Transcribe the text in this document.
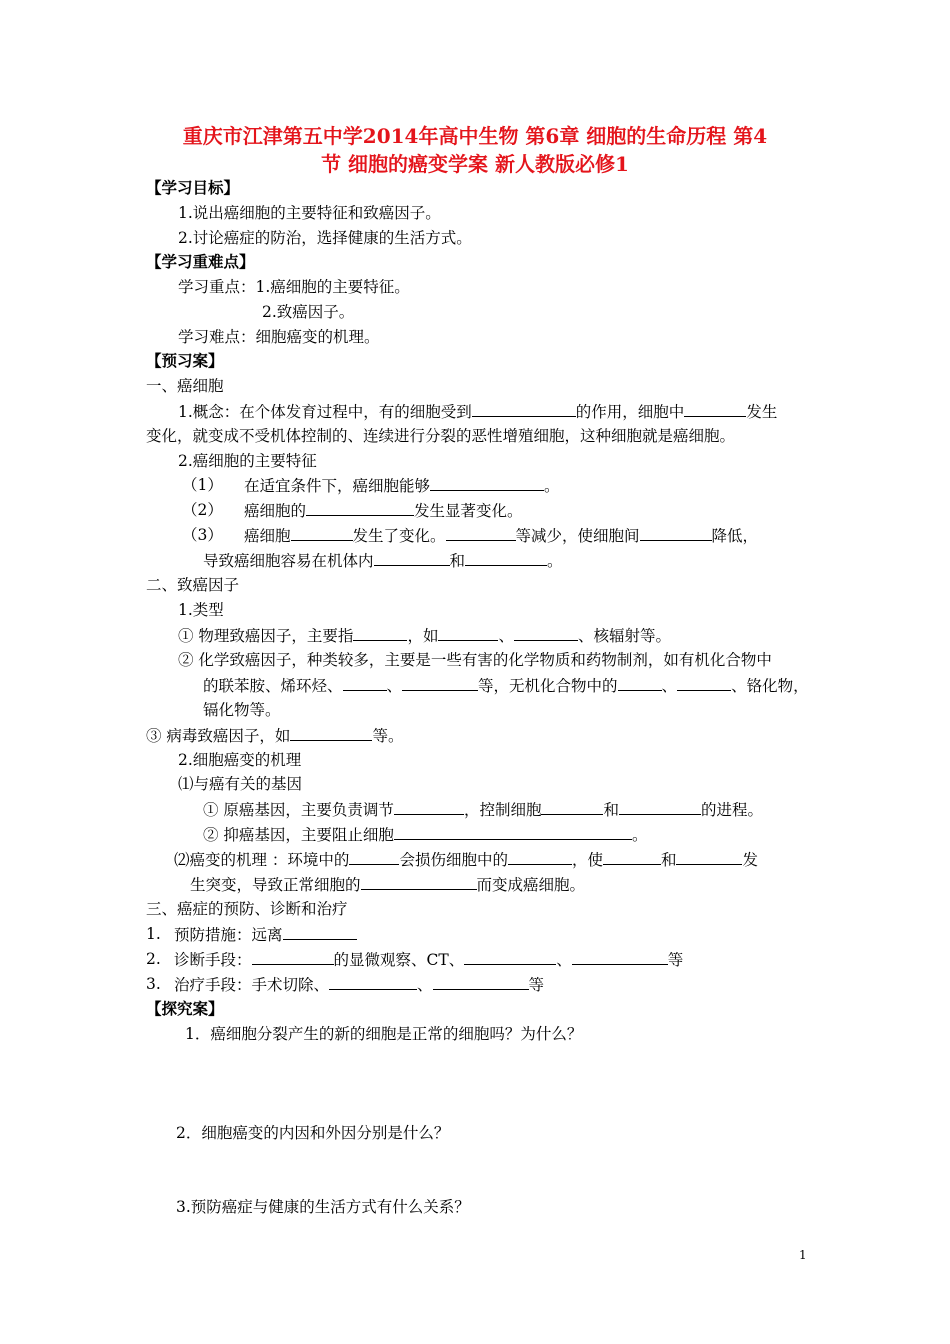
重庆市江津第五中学2014年高中生物 第6章 细胞的生命历程 第4
节 细胞的癌变学案 新人教版必修1
【学习目标】
1.说出癌细胞的主要特征和致癌因子。
2.讨论癌症的防治，选择健康的生活方式。
【学习重难点】
学习重点：1.癌细胞的主要特征。
2.致癌因子。
学习难点：细胞癌变的机理。
【预习案】
一、癌细胞
1.概念：在个体发育过程中，有的细胞受到	的作用，细胞中	发生
变化，就变成不受机体控制的、连续进行分裂的恶性增殖细胞，这种细胞就是癌细胞。
2.癌细胞的主要特征
（1） 在适宜条件下，癌细胞能够	。
（2） 癌细胞的	发生显著变化。
（3） 癌细胞	发生了变化。	等减少，使细胞间	降低，
导致癌细胞容易在机体内	和	。
二、致癌因子
1.类型
① 物理致癌因子，主要指	，如	、	、核辐射等。
② 化学致癌因子，种类较多，主要是一些有害的化学物质和药物制剂，如有机化合物中
的联苯胺、烯环烃、	、	等，无机化合物中的	、	、铬化物，
镉化物等。
③ 病毒致癌因子，如	等。
2.细胞癌变的机理
⑴与癌有关的基因
① 原癌基因，主要负责调节	，控制细胞	和	的进程。
② 抑癌基因，主要阻止细胞	。
⑵癌变的机理 ：环境中的	会损伤细胞中的	，使	和	发
生突变，导致正常细胞的	而变成癌细胞。
三、癌症的预防、诊断和治疗
1. 预防措施：远离
2. 诊断手段：	的显微观察、CT、	、	等
3. 治疗手段：手术切除、	、	等
【探究案】
1．癌细胞分裂产生的新的细胞是正常的细胞吗？为什么？
2．细胞癌变的内因和外因分别是什么？
3.预防癌症与健康的生活方式有什么关系？
1
